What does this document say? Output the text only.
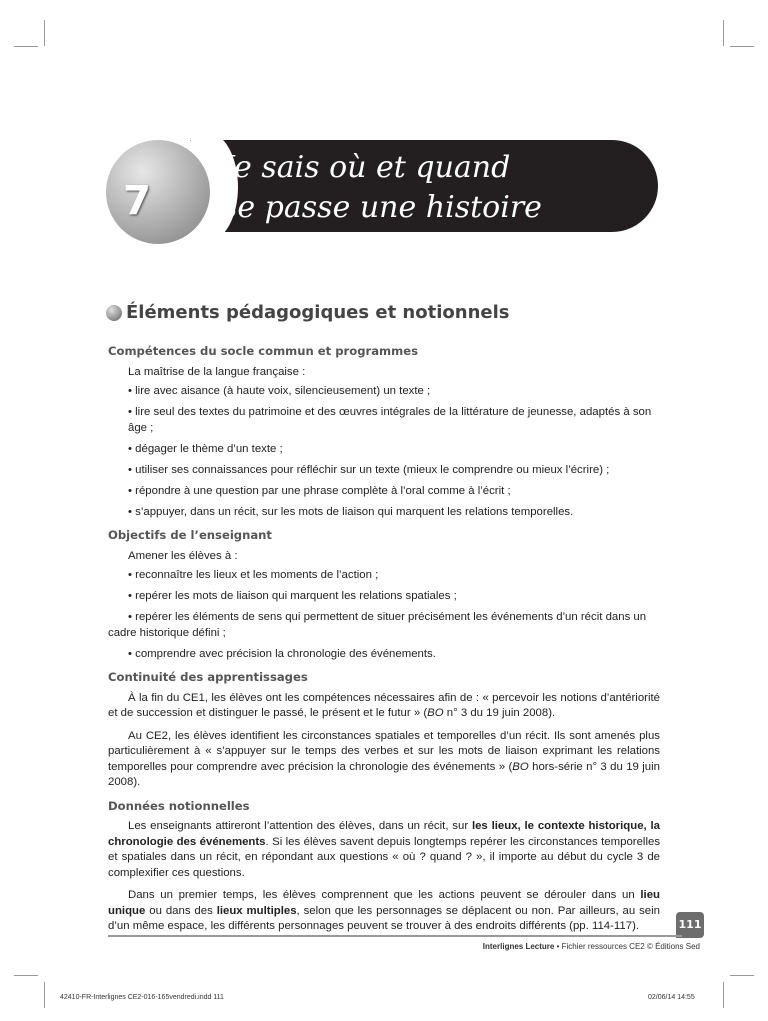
7
Je sais où et quand
se passe une histoire
Éléments pédagogiques et notionnels
Compétences du socle commun et programmes
La maîtrise de la langue française :
• lire avec aisance (à haute voix, silencieusement) un texte ;
• lire seul des textes du patrimoine et des œuvres intégrales de la littérature de jeunesse, adaptés à son âge ;
• dégager le thème d’un texte ;
• utiliser ses connaissances pour réfléchir sur un texte (mieux le comprendre ou mieux l’écrire) ;
• répondre à une question par une phrase complète à l’oral comme à l’écrit ;
• s’appuyer, dans un récit, sur les mots de liaison qui marquent les relations temporelles.
Objectifs de l’enseignant
Amener les élèves à :
• reconnaître les lieux et les moments de l’action ;
• repérer les mots de liaison qui marquent les relations spatiales ;
• repérer les éléments de sens qui permettent de situer précisément les événements d’un récit dans un cadre historique défini ;
• comprendre avec précision la chronologie des événements.
Continuité des apprentissages
À la fin du CE1, les élèves ont les compétences nécessaires afin de : « percevoir les notions d’antériorité et de succession et distinguer le passé, le présent et le futur » (BO n° 3 du 19 juin 2008).
Au CE2, les élèves identifient les circonstances spatiales et temporelles d’un récit. Ils sont amenés plus particulièrement à « s’appuyer sur le temps des verbes et sur les mots de liaison exprimant les relations temporelles pour comprendre avec précision la chronologie des événements » (BO hors-série n° 3 du 19 juin 2008).
Données notionnelles
Les enseignants attireront l’attention des élèves, dans un récit, sur les lieux, le contexte historique, la chronologie des événements. Si les élèves savent depuis longtemps repérer les circonstances temporelles et spatiales dans un récit, en répondant aux questions « où ? quand ? », il importe au début du cycle 3 de complexifier ces questions.
Dans un premier temps, les élèves comprennent que les actions peuvent se dérouler dans un lieu unique ou dans des lieux multiples, selon que les personnages se déplacent ou non. Par ailleurs, au sein d’un même espace, les différents personnages peuvent se trouver à des endroits différents (pp. 114-117).	111
Interlignes Lecture • Fichier ressources CE2 © Éditions Sed
42410-FR-Interlignes CE2-016-165vendredi.indd 111	02/06/14 14:55
